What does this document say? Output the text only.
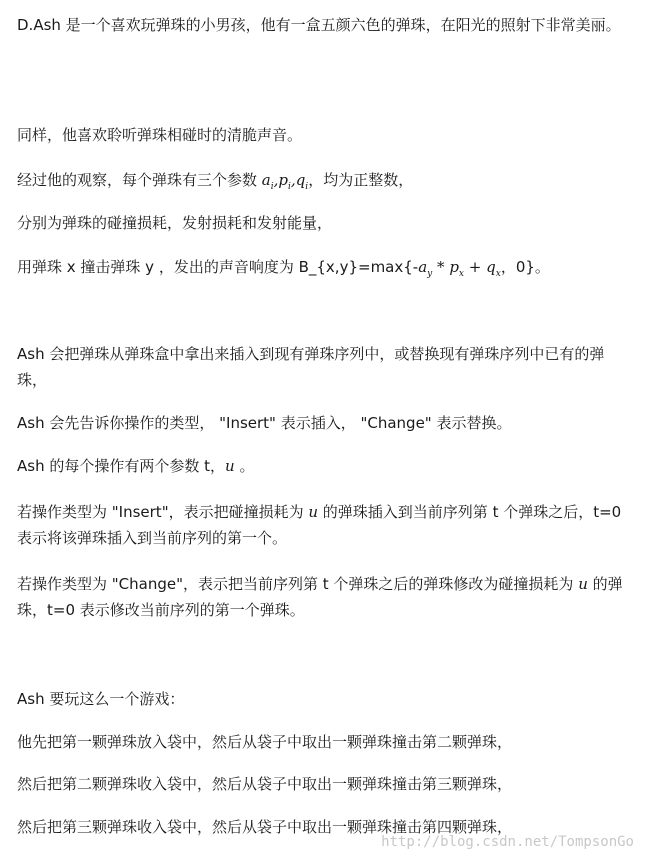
D.Ash 是一个喜欢玩弹珠的小男孩，他有一盒五颜六色的弹珠，在阳光的照射下非常美丽。

同样，他喜欢聆听弹珠相碰时的清脆声音。

经过他的观察，每个弹珠有三个参数 $a_i,p_i,q_i$，均为正整数，

分别为弹珠的碰撞损耗，发射损耗和发射能量，

用弹珠 x 撞击弹珠 y ，发出的声音响度为 $B\_\{x,y\}=\max\{-a_y * p_x + q_x$，0}。

Ash 会把弹珠从弹珠盒中拿出来插入到现有弹珠序列中，或替换现有弹珠序列中已有的弹珠，

Ash 会先告诉你操作的类型， "Insert" 表示插入， "Change" 表示替换。

Ash 的每个操作有两个参数 t，u 。

若操作类型为 "Insert"，表示把碰撞损耗为 u 的弹珠插入到当前序列第 t 个弹珠之后，t=0 表示将该弹珠插入到当前序列的第一个。

若操作类型为 "Change"，表示把当前序列第 t 个弹珠之后的弹珠修改为碰撞损耗为 u 的弹珠，t=0 表示修改当前序列的第一个弹珠。

Ash 要玩这么一个游戏：

他先把第一颗弹珠放入袋中，然后从袋子中取出一颗弹珠撞击第二颗弹珠，

然后把第二颗弹珠收入袋中，然后从袋子中取出一颗弹珠撞击第三颗弹珠，

然后把第三颗弹珠收入袋中，然后从袋子中取出一颗弹珠撞击第四颗弹珠，

http://blog.csdn.net/TompsonGo
